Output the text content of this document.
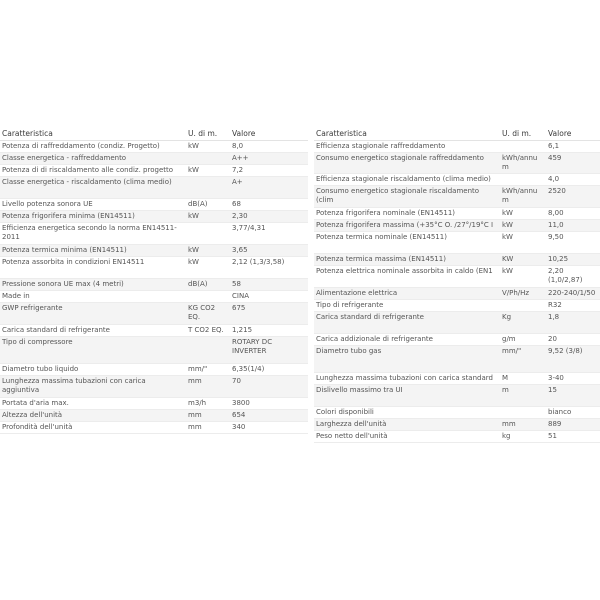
Caratteristica	U. di m.	Valore
Potenza di raffreddamento (condiz. Progetto)	kW	8,0
Classe energetica - raffreddamento		A++
Potenza di di riscaldamento alle condiz. progetto	kW	7,2
Classe energetica - riscaldamento (clima medio)		A+
Livello potenza sonora UE	dB(A)	68
Potenza frigorifera minima (EN14511)	kW	2,30
Efficienza energetica secondo la norma EN14511-2011		3,77/4,31
Potenza termica minima (EN14511)	kW	3,65
Potenza assorbita in condizioni EN14511	kW	2,12 (1,3/3,58)
Pressione sonora UE max (4 metri)	dB(A)	58
Made in		CINA
GWP refrigerante	KG CO2 EQ.	675
Carica standard di refrigerante	T CO2 EQ.	1,215
Tipo di compressore		ROTARY DC INVERTER
Diametro tubo liquido	mm/"	6,35(1/4)
Lunghezza massima tubazioni con carica aggiuntiva	mm	70
Portata d'aria max.	m3/h	3800
Altezza dell'unità	mm	654
Profondità dell'unità	mm	340
Caratteristica	U. di m.	Valore
Efficienza stagionale raffreddamento		6,1
Consumo energetico stagionale raffreddamento	kWh/annum	459
Efficienza stagionale riscaldamento (clima medio)		4,0
Consumo energetico stagionale riscaldamento (clim	kWh/annum	2520
Potenza frigorifera nominale (EN14511)	kW	8,00
Potenza frigorifera massima (+35°C O. /27°/19°C I	kW	11,0
Potenza termica nominale (EN14511)	kW	9,50
Potenza termica massima (EN14511)	KW	10,25
Potenza elettrica nominale assorbita in caldo (EN1	kW	2,20 (1,0/2,87)
Alimentazione elettrica	V/Ph/Hz	220-240/1/50
Tipo di refrigerante		R32
Carica standard di refrigerante	Kg	1,8
Carica addizionale di refrigerante	g/m	20
Diametro tubo gas	mm/"	9,52 (3/8)
Lunghezza massima tubazioni con carica standard	M	3-40
Dislivello massimo tra UI	m	15
Colori disponibili		bianco
Larghezza dell'unità	mm	889
Peso netto dell'unità	kg	51
